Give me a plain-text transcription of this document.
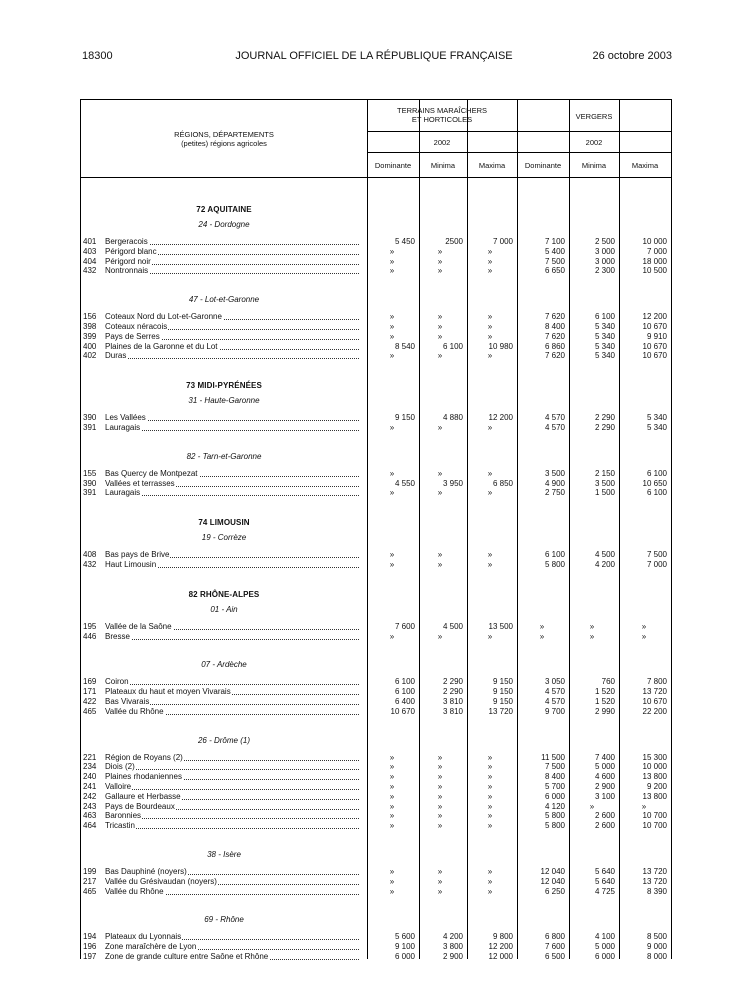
18300	JOURNAL OFFICIEL DE LA RÉPUBLIQUE FRANÇAISE	26 octobre 2003
RÉGIONS, DÉPARTEMENTS
(petites) régions agricoles
TERRAINS MARAÎCHERS
ET HORTICOLES	VERGERS
2002	2002
Dominante	Minima	Maxima	Dominante	Minima	Maxima
72 AQUITAINE
24 - Dordogne
401	Bergeracois	5 450	2500	7 000	7 100	2 500	10 000
403	Périgord blanc	»	»	»	5 400	3 000	7 000
404	Périgord noir	»	»	»	7 500	3 000	18 000
432	Nontronnais	»	»	»	6 650	2 300	10 500
47 - Lot-et-Garonne
156	Coteaux Nord du Lot-et-Garonne	»	»	»	7 620	6 100	12 200
398	Coteaux néracois	»	»	»	8 400	5 340	10 670
399	Pays de Serres	»	»	»	7 620	5 340	9 910
400	Plaines de la Garonne et du Lot	8 540	6 100	10 980	6 860	5 340	10 670
402	Duras	»	»	»	7 620	5 340	10 670
73 MIDI-PYRÉNÉES
31 - Haute-Garonne
390	Les Vallées	9 150	4 880	12 200	4 570	2 290	5 340
391	Lauragais	»	»	»	4 570	2 290	5 340
82 - Tarn-et-Garonne
155	Bas Quercy de Montpezat	»	»	»	3 500	2 150	6 100
390	Vallées et terrasses	4 550	3 950	6 850	4 900	3 500	10 650
391	Lauragais	»	»	»	2 750	1 500	6 100
74 LIMOUSIN
19 - Corrèze
408	Bas pays de Brive	»	»	»	6 100	4 500	7 500
432	Haut Limousin	»	»	»	5 800	4 200	7 000
82 RHÔNE-ALPES
01 - Ain
195	Vallée de la Saône	7 600	4 500	13 500	»	»	»
446	Bresse	»	»	»	»	»	»
07 - Ardèche
169	Coiron	6 100	2 290	9 150	3 050	760	7 800
171	Plateaux du haut et moyen Vivarais	6 100	2 290	9 150	4 570	1 520	13 720
422	Bas Vivarais	6 400	3 810	9 150	4 570	1 520	10 670
465	Vallée du Rhône	10 670	3 810	13 720	9 700	2 990	22 200
26 - Drôme (1)
221	Région de Royans (2)	»	»	»	11 500	7 400	15 300
234	Diois (2)	»	»	»	7 500	5 000	10 000
240	Plaines rhodaniennes	»	»	»	8 400	4 600	13 800
241	Valloire	»	»	»	5 700	2 900	9 200
242	Gallaure et Herbasse	»	»	»	6 000	3 100	13 800
243	Pays de Bourdeaux	»	»	»	4 120	»	»
463	Baronnies	»	»	»	5 800	2 600	10 700
464	Tricastin	»	»	»	5 800	2 600	10 700
38 - Isère
199	Bas Dauphiné (noyers)	»	»	»	12 040	5 640	13 720
217	Vallée du Grésivaudan (noyers)	»	»	»	12 040	5 640	13 720
465	Vallée du Rhône	»	»	»	6 250	4 725	8 390
69 - Rhône
194	Plateaux du Lyonnais	5 600	4 200	9 800	6 800	4 100	8 500
196	Zone maraîchère de Lyon	9 100	3 800	12 200	7 600	5 000	9 000
197	Zone de grande culture entre Saône et Rhône	6 000	2 900	12 000	6 500	6 000	8 000
